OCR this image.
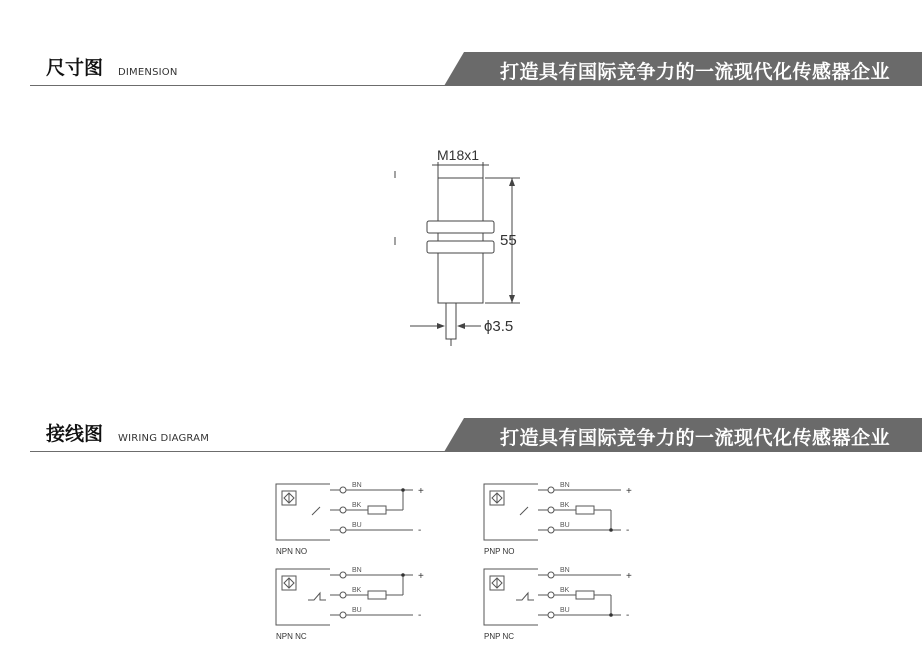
尺寸图 DIMENSION	打造具有国际竞争力的一流现代化传感器企业
M18x1
55
ϕ3.5
接线图 WIRING DIAGRAM	打造具有国际竞争力的一流现代化传感器企业
BN
BK
BU
+
-
NPN NO
BN
BK
BU
+
-
PNP NO
BN
BK
BU
+
-
NPN NC
BN
BK
BU
+
-
PNP NC
